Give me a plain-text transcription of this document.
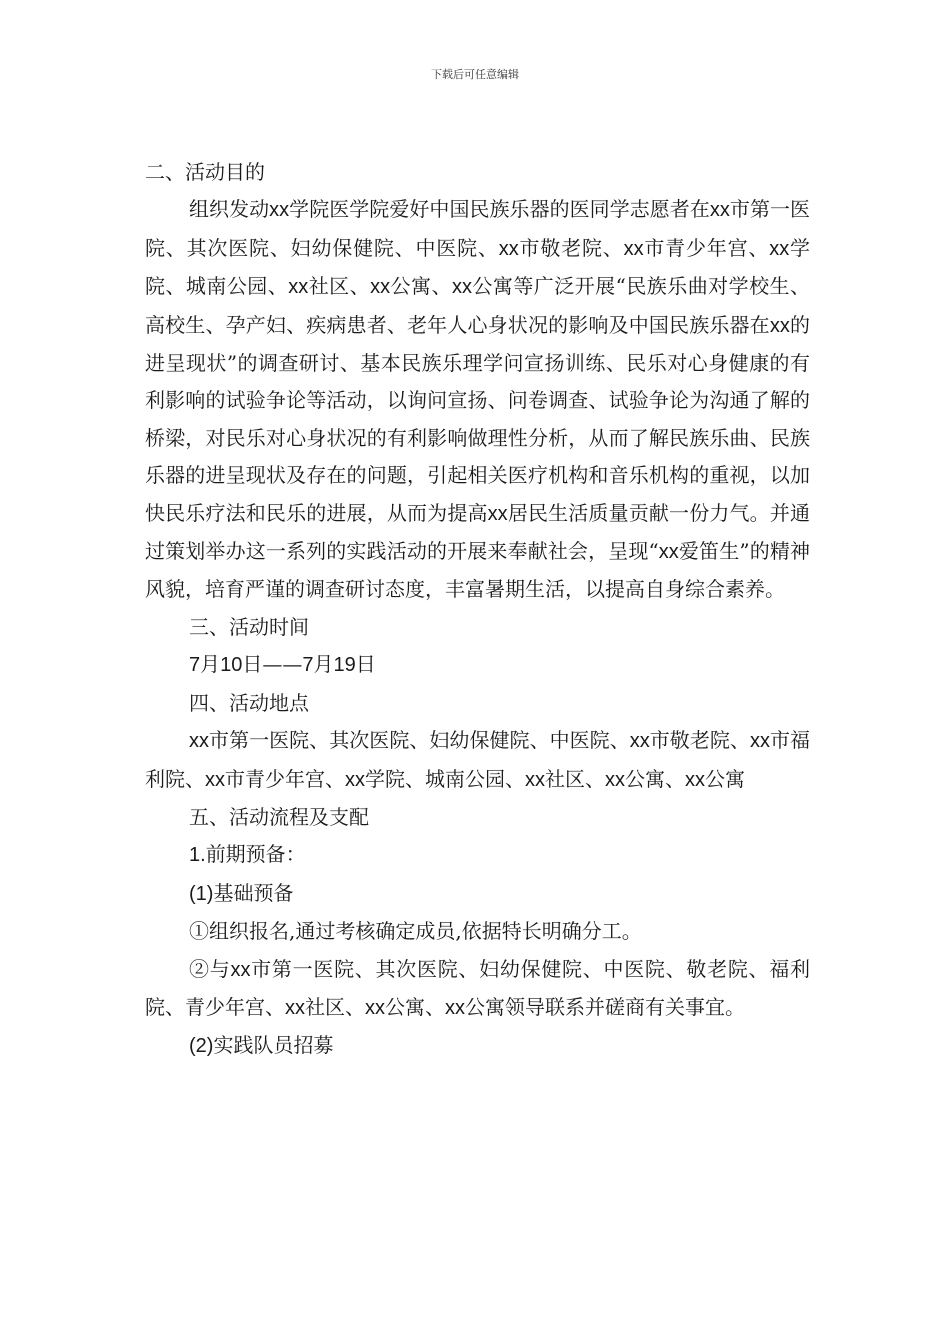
下载后可任意编辑

二、活动目的

组织发动xx学院医学院爱好中国民族乐器的医同学志愿者在xx市第一医院、其次医院、妇幼保健院、中医院、xx市敬老院、xx市青少年宫、xx学院、城南公园、xx社区、xx公寓、xx公寓等广泛开展“民族乐曲对学校生、高校生、孕产妇、疾病患者、老年人心身状况的影响及中国民族乐器在xx的进呈现状”的调查研讨、基本民族乐理学问宣扬训练、民乐对心身健康的有利影响的试验争论等活动，以询问宣扬、问卷调查、试验争论为沟通了解的桥梁，对民乐对心身状况的有利影响做理性分析，从而了解民族乐曲、民族乐器的进呈现状及存在的问题，引起相关医疗机构和音乐机构的重视，以加快民乐疗法和民乐的进展，从而为提高xx居民生活质量贡献一份力气。并通过策划举办这一系列的实践活动的开展来奉献社会，呈现“xx爱笛生”的精神风貌，培育严谨的调查研讨态度，丰富暑期生活，以提高自身综合素养。

三、活动时间

7月10日——7月19日

四、活动地点

xx市第一医院、其次医院、妇幼保健院、中医院、xx市敬老院、xx市福利院、xx市青少年宫、xx学院、城南公园、xx社区、xx公寓、xx公寓

五、活动流程及支配

1.前期预备：

(1)基础预备

①组织报名,通过考核确定成员,依据特长明确分工。

②与xx市第一医院、其次医院、妇幼保健院、中医院、敬老院、福利院、青少年宫、xx社区、xx公寓、xx公寓领导联系并磋商有关事宜。

(2)实践队员招募
